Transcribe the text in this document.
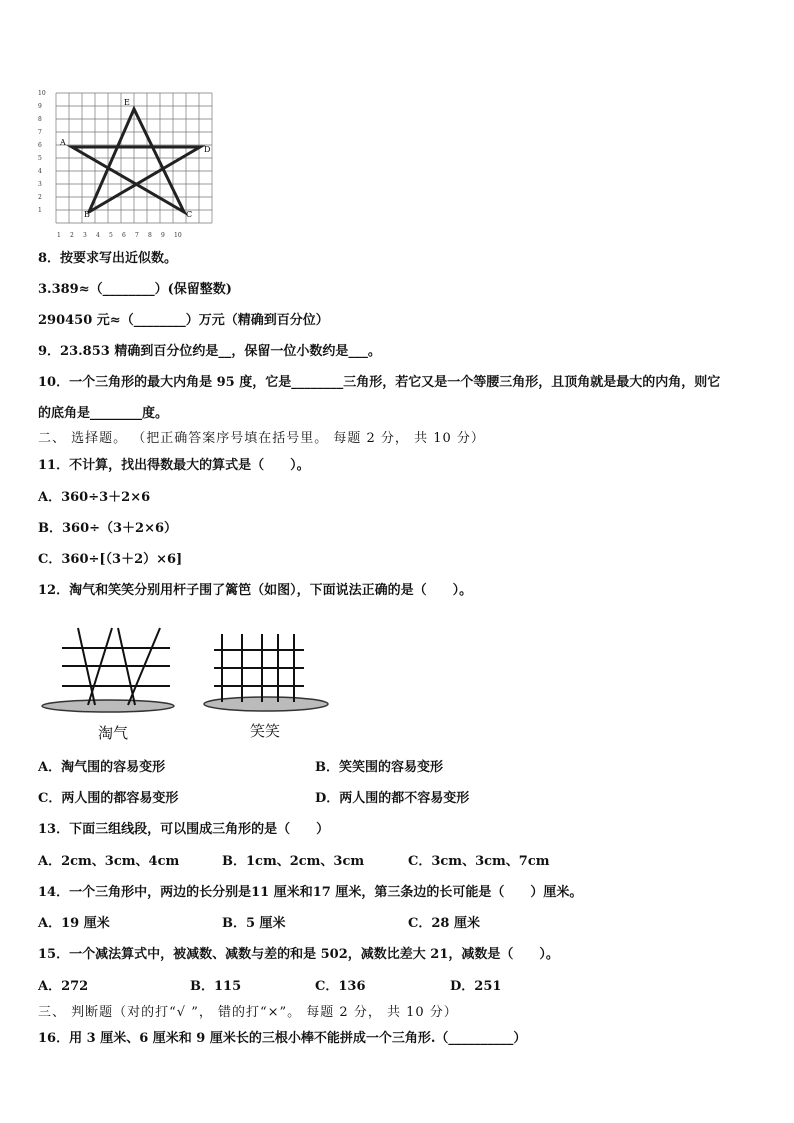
1
2
3
4
5
6
7
8
9
10
1 2 3 4 5 6 7 8 9 10
A
E
D
B	C
8．按要求写出近似数。
3.389≈（________）(保留整数)
290450 元≈（________）万元（精确到百分位）
9．23.853 精确到百分位约是__，保留一位小数约是___。
10．一个三角形的最大内角是 95 度，它是________三角形，若它又是一个等腰三角形，且顶角就是最大的内角，则它
的底角是________度。
二、 选择题。 （把正确答案序号填在括号里。 每题 2 分， 共 10 分）
11．不计算，找出得数最大的算式是（　　）。
A．360÷3＋2×6
B．360÷（3＋2×6）
C．360÷[（3＋2）×6]
12．淘气和笑笑分别用杆子围了篱笆（如图），下面说法正确的是（　　）。
淘气	笑笑
A．淘气围的容易变形	B．笑笑围的容易变形
C．两人围的都容易变形	D．两人围的都不容易变形
13．下面三组线段，可以围成三角形的是（　　）
A．2cm、3cm、4cm	B．1cm、2cm、3cm	C．3cm、3cm、7cm
14．一个三角形中，两边的长分别是11 厘米和17 厘米，第三条边的长可能是（　　）厘米。
A．19 厘米	B．5 厘米	C．28 厘米
15．一个减法算式中，被减数、减数与差的和是 502，减数比差大 21，减数是（　　）。
A．272	B．115	C．136	D．251
三、 判断题（对的打“√ ”， 错的打“×”。 每题 2 分， 共 10 分）
16．用 3 厘米、6 厘米和 9 厘米长的三根小棒不能拼成一个三角形.（__________）
